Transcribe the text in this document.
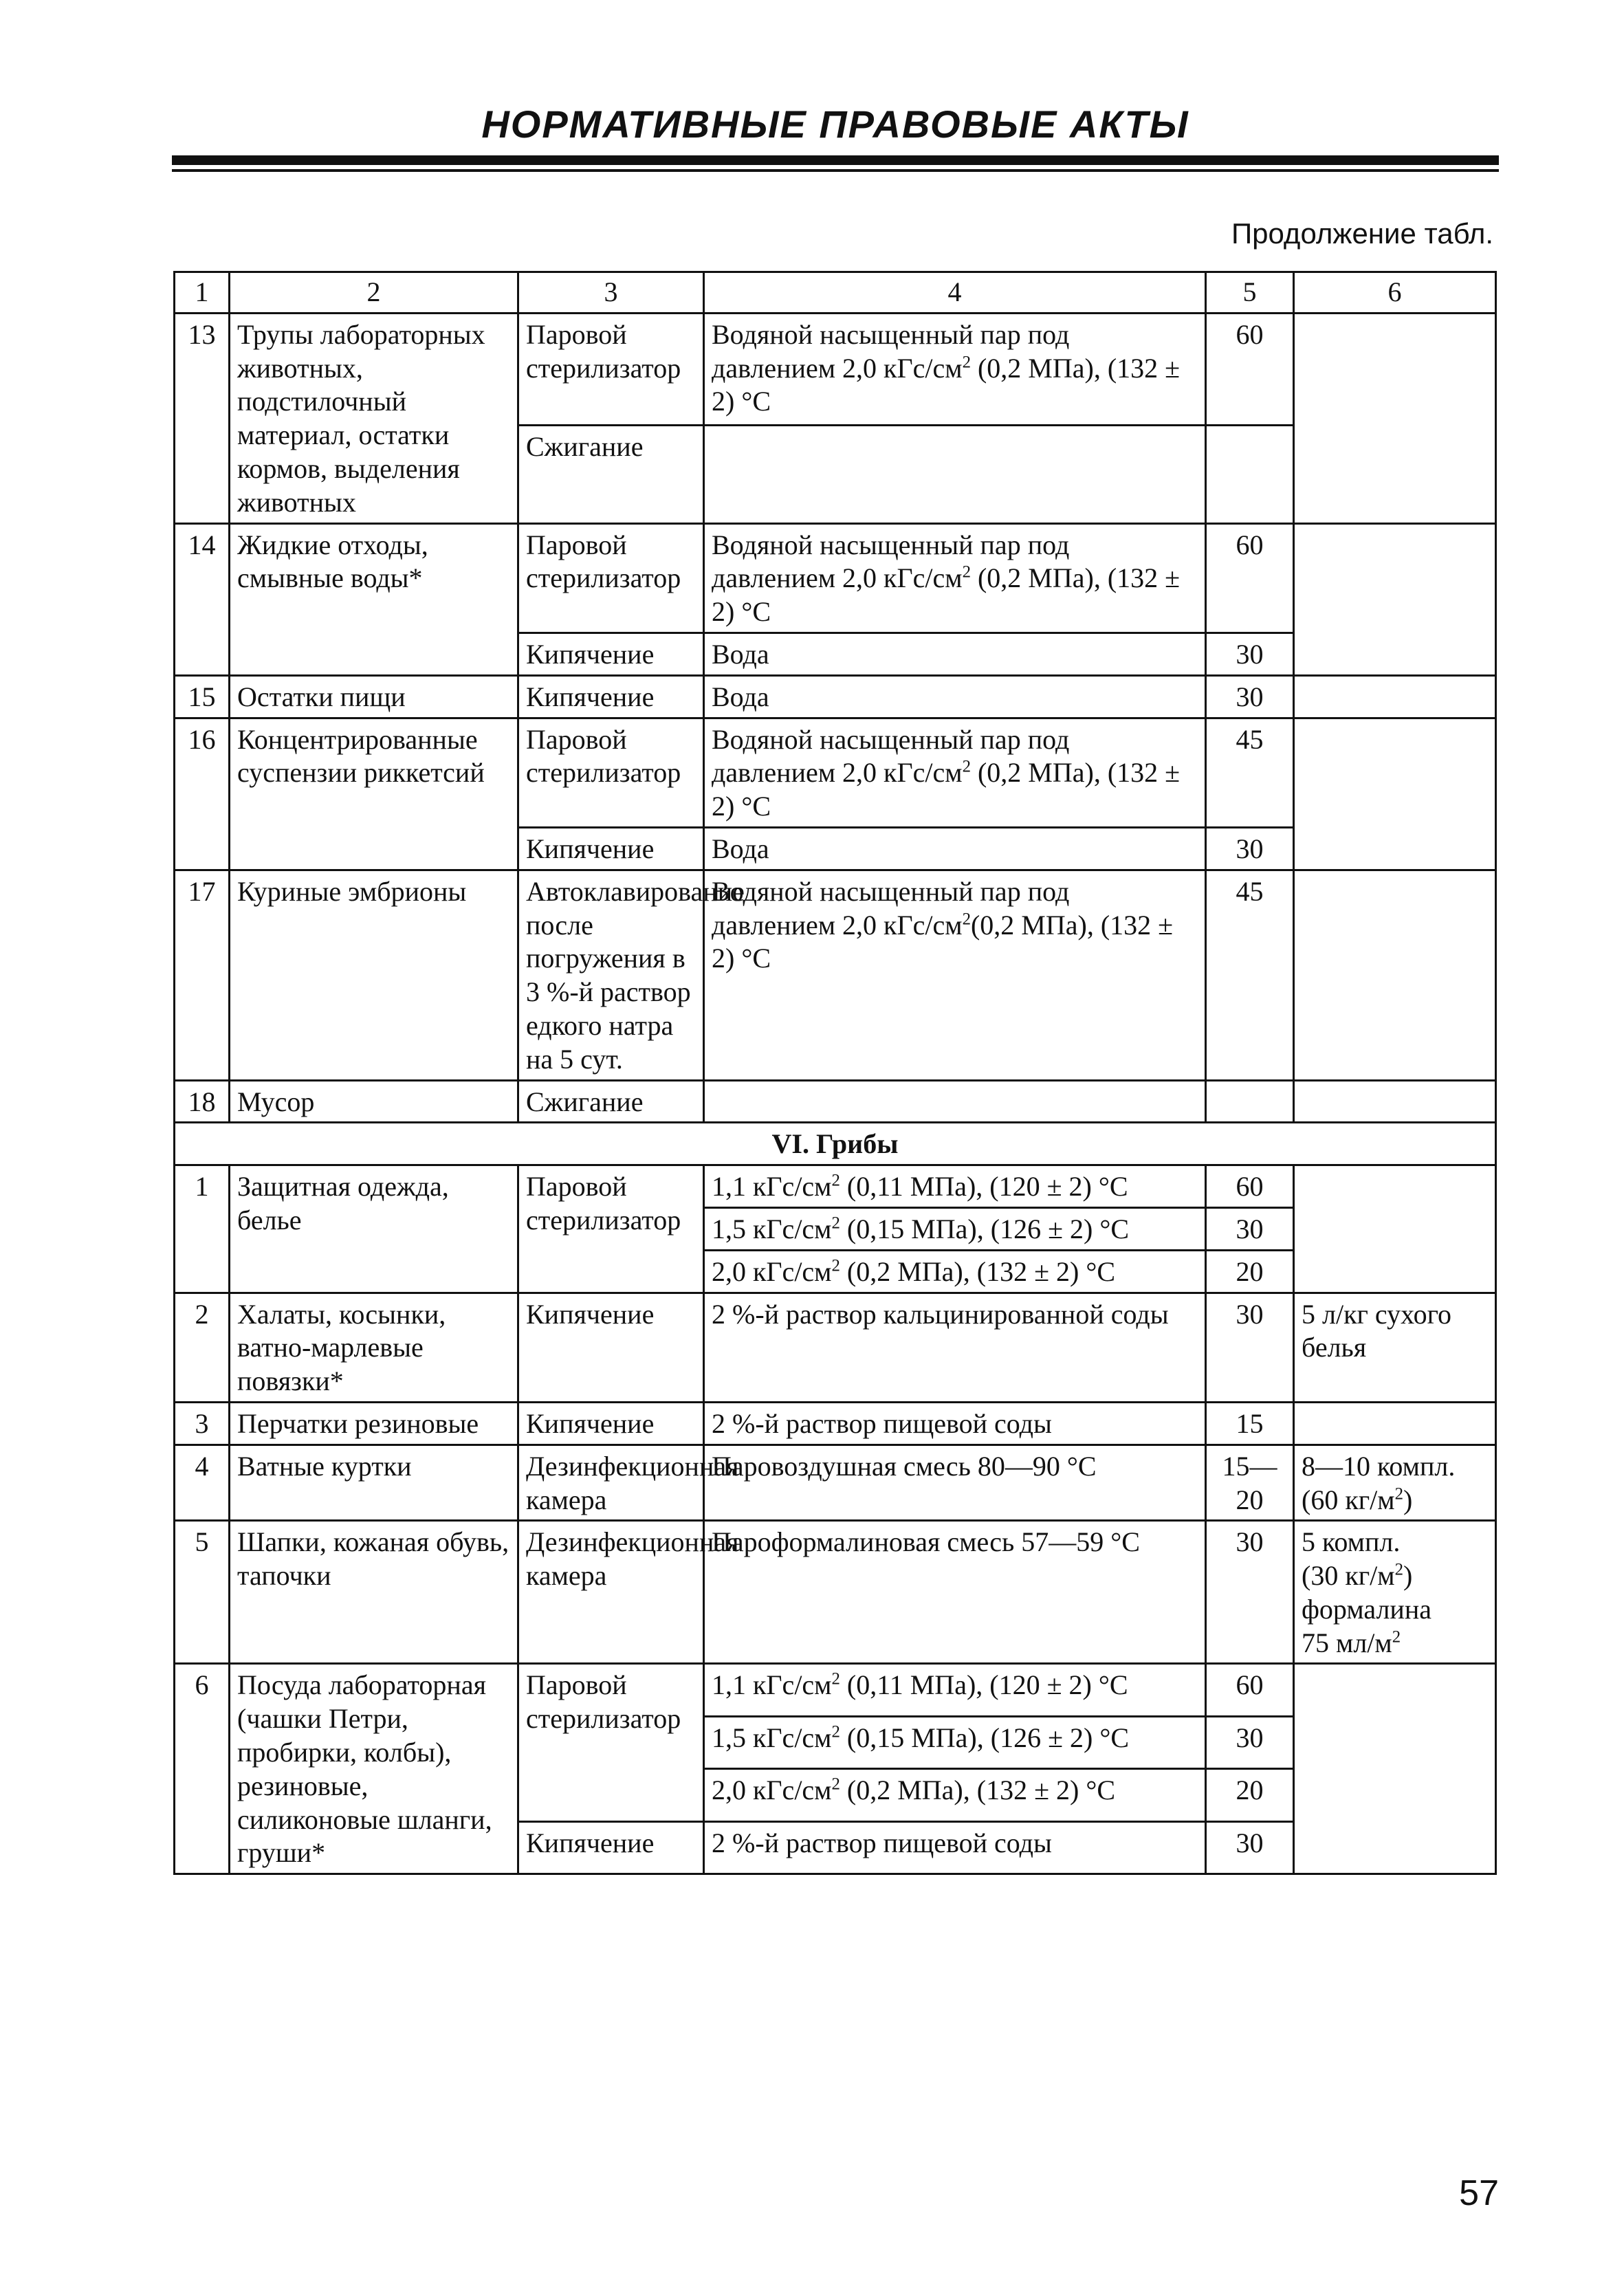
НОРМАТИВНЫЕ ПРАВОВЫЕ АКТЫ
Продолжение табл.
1	2	3	4	5	6
13	Трупы лабораторных животных, подстилочный материал, остатки кормов, выделения животных	Паровой стерилизатор	Водяной насыщенный пар под давлением 2,0 кГс/$см^2$ (0,2 МПа), (132 ± 2) °С	60	
		Сжигание			
14	Жидкие отходы, смывные воды*	Паровой стерилизатор	Водяной насыщенный пар под давлением 2,0 кГс/$см^2$ (0,2 МПа), (132 ± 2) °С	60	
		Кипячение	Вода	30	
15	Остатки пищи	Кипячение	Вода	30	
16	Концентрированные суспензии риккетсий	Паровой стерилизатор	Водяной насыщенный пар под давлением 2,0 кГс/$см^2$ (0,2 МПа), (132 ± 2) °С	45	
		Кипячение	Вода	30	
17	Куриные эмбрионы	Автоклавирование после погружения в 3 %-й раствор едкого натра на 5 сут.	Водяной насыщенный пар под давлением 2,0 кГс/$см^2(0,2$ МПа), (132 ± 2) °С	45	
18	Мусор	Сжигание			
VI. Грибы					
1	Защитная одежда, белье	Паровой стерилизатор	1,1 кГс/$см^2$ (0,11 МПа), (120 ± 2) °С	60	
			1,5 кГс/$см^2$ (0,15 МПа), (126 ± 2) °С	30	
			2,0 кГс/$см^2$ (0,2 МПа), (132 ± 2) °С	20	
2	Халаты, косынки, ватно-марлевые повязки*	Кипячение	2 %-й раствор кальцинированной соды	30	5 л/кг сухого белья
3	Перчатки резиновые	Кипячение	2 %-й раствор пищевой соды	15	
4	Ватные куртки	Дезинфекционная камера	Паровоздушная смесь 80—90 °С	15—20	8—10 компл.
(60 $кг/м^2$)
5	Шапки, кожаная обувь, тапочки	Дезинфекционная камера	Пароформалиновая смесь 57—59 °С	30	5 компл.
(30 $кг/м^2$)
формалина
75 $мл/м^2$
6	Посуда лабораторная (чашки Петри, пробирки, колбы), резиновые, силиконовые шланги, груши*	Паровой стерилизатор	1,1 кГс/$см^2$ (0,11 МПа), (120 ± 2) °С	60	
			1,5 кГс/$см^2$ (0,15 МПа), (126 ± 2) °С	30	
			2,0 кГс/$см^2$ (0,2 МПа), (132 ± 2) °С	20	
		Кипячение	2 %-й раствор пищевой соды	30	
57
